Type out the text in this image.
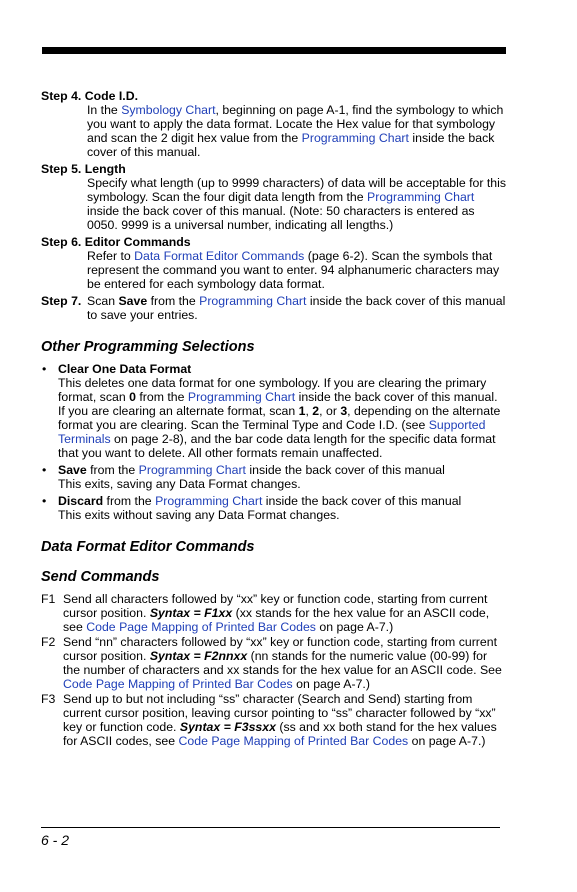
Step 4. Code I.D.
In the Symbology Chart, beginning on page A-1, find the symbology to which you want to apply the data format. Locate the Hex value for that symbology and scan the 2 digit hex value from the Programming Chart inside the back cover of this manual.
Step 5. Length
Specify what length (up to 9999 characters) of data will be acceptable for this symbology. Scan the four digit data length from the Programming Chart inside the back cover of this manual. (Note: 50 characters is entered as 0050. 9999 is a universal number, indicating all lengths.)
Step 6. Editor Commands
Refer to Data Format Editor Commands (page 6-2). Scan the symbols that represent the command you want to enter. 94 alphanumeric characters may be entered for each symbology data format.
Step 7. Scan Save from the Programming Chart inside the back cover of this manual to save your entries.
Other Programming Selections
• Clear One Data Format
This deletes one data format for one symbology. If you are clearing the primary format, scan 0 from the Programming Chart inside the back cover of this manual. If you are clearing an alternate format, scan 1, 2, or 3, depending on the alternate format you are clearing. Scan the Terminal Type and Code I.D. (see Supported Terminals on page 2-8), and the bar code data length for the specific data format that you want to delete. All other formats remain unaffected.
• Save from the Programming Chart inside the back cover of this manual
This exits, saving any Data Format changes.
• Discard from the Programming Chart inside the back cover of this manual
This exits without saving any Data Format changes.
Data Format Editor Commands
Send Commands
F1 Send all characters followed by “xx” key or function code, starting from current cursor position. Syntax = F1xx (xx stands for the hex value for an ASCII code, see Code Page Mapping of Printed Bar Codes on page A-7.)
F2 Send “nn” characters followed by “xx” key or function code, starting from current cursor position. Syntax = F2nnxx (nn stands for the numeric value (00-99) for the number of characters and xx stands for the hex value for an ASCII code. See Code Page Mapping of Printed Bar Codes on page A-7.)
F3 Send up to but not including “ss” character (Search and Send) starting from current cursor position, leaving cursor pointing to “ss” character followed by “xx” key or function code. Syntax = F3ssxx (ss and xx both stand for the hex values for ASCII codes, see Code Page Mapping of Printed Bar Codes on page A-7.)
6 - 2
